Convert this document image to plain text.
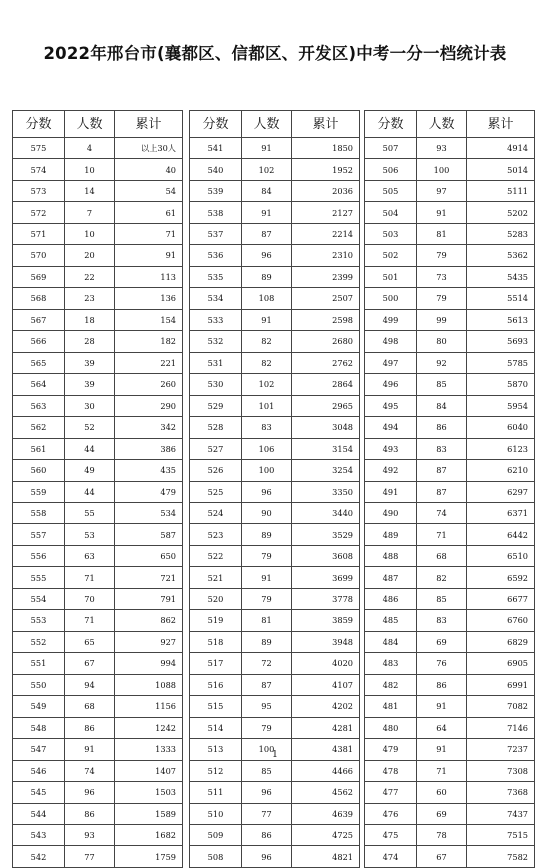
2022年邢台市(襄都区、信都区、开发区)中考一分一档统计表
分数	人数	累计
575	4	以上30人
574	10	40
573	14	54
572	7	61
571	10	71
570	20	91
569	22	113
568	23	136
567	18	154
566	28	182
565	39	221
564	39	260
563	30	290
562	52	342
561	44	386
560	49	435
559	44	479
558	55	534
557	53	587
556	63	650
555	71	721
554	70	791
553	71	862
552	65	927
551	67	994
550	94	1088
549	68	1156
548	86	1242
547	91	1333
546	74	1407
545	96	1503
544	86	1589
543	93	1682
542	77	1759
分数	人数	累计
541	91	1850
540	102	1952
539	84	2036
538	91	2127
537	87	2214
536	96	2310
535	89	2399
534	108	2507
533	91	2598
532	82	2680
531	82	2762
530	102	2864
529	101	2965
528	83	3048
527	106	3154
526	100	3254
525	96	3350
524	90	3440
523	89	3529
522	79	3608
521	91	3699
520	79	3778
519	81	3859
518	89	3948
517	72	4020
516	87	4107
515	95	4202
514	79	4281
513	100	4381
512	85	4466
511	96	4562
510	77	4639
509	86	4725
508	96	4821
分数	人数	累计
507	93	4914
506	100	5014
505	97	5111
504	91	5202
503	81	5283
502	79	5362
501	73	5435
500	79	5514
499	99	5613
498	80	5693
497	92	5785
496	85	5870
495	84	5954
494	86	6040
493	83	6123
492	87	6210
491	87	6297
490	74	6371
489	71	6442
488	68	6510
487	82	6592
486	85	6677
485	83	6760
484	69	6829
483	76	6905
482	86	6991
481	91	7082
480	64	7146
479	91	7237
478	71	7308
477	60	7368
476	69	7437
475	78	7515
474	67	7582
1
